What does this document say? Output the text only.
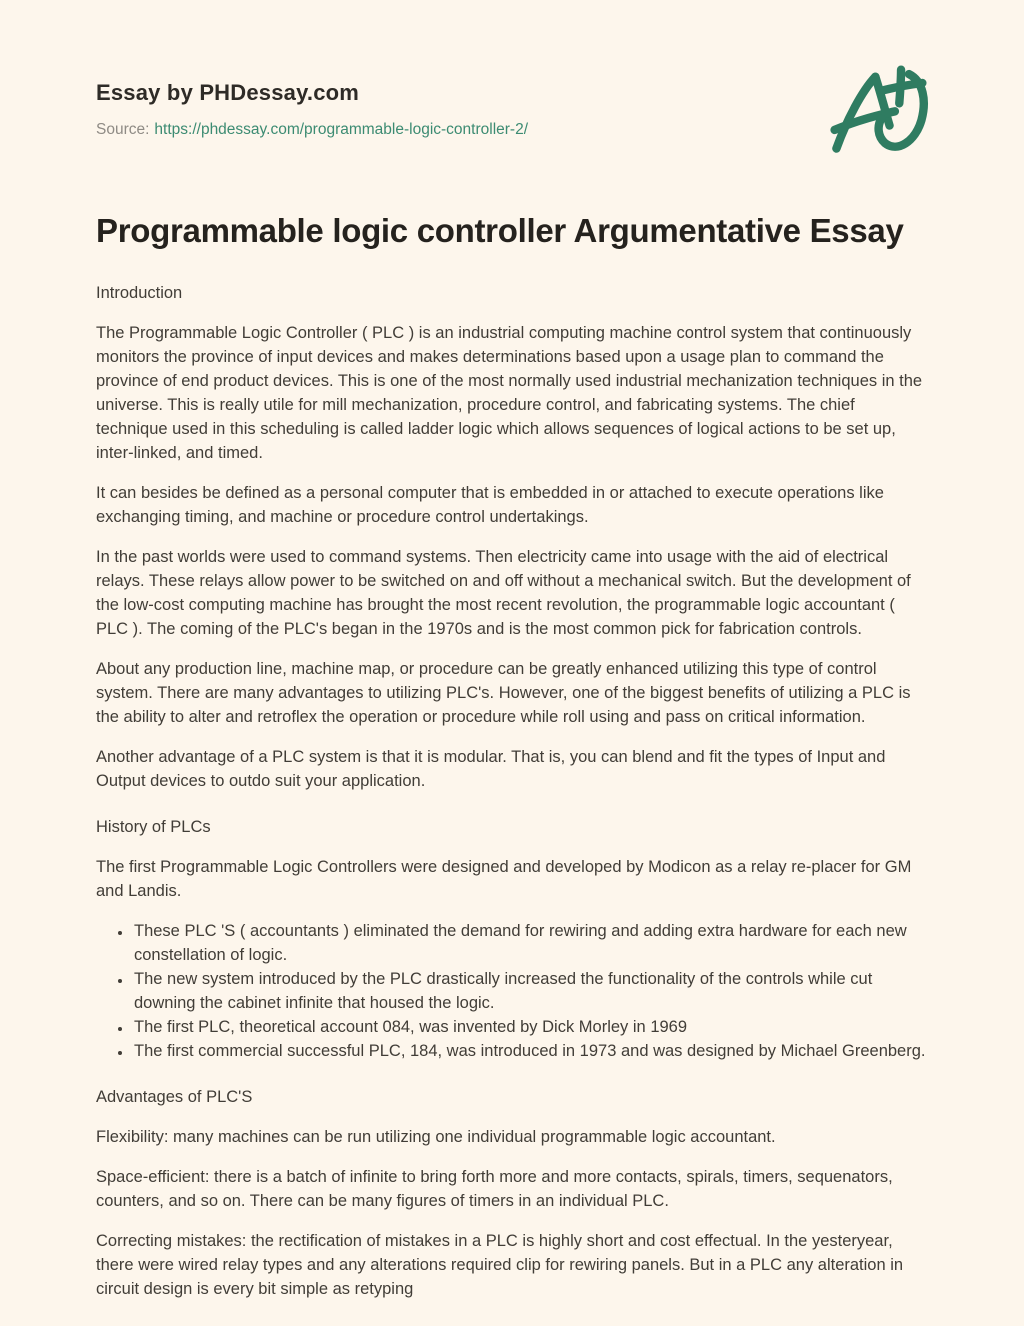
Essay by PHDessay.com
Source: https://phdessay.com/programmable-logic-controller-2/
Programmable logic controller Argumentative Essay

Introduction

The Programmable Logic Controller ( PLC ) is an industrial computing machine control system that continuously monitors the province of input devices and makes determinations based upon a usage plan to command the province of end product devices. This is one of the most normally used industrial mechanization techniques in the universe. This is really utile for mill mechanization, procedure control, and fabricating systems. The chief technique used in this scheduling is called ladder logic which allows sequences of logical actions to be set up, inter-linked, and timed.

It can besides be defined as a personal computer that is embedded in or attached to execute operations like exchanging timing, and machine or procedure control undertakings.

In the past worlds were used to command systems. Then electricity came into usage with the aid of electrical relays. These relays allow power to be switched on and off without a mechanical switch. But the development of the low-cost computing machine has brought the most recent revolution, the programmable logic accountant ( PLC ). The coming of the PLC's began in the 1970s and is the most common pick for fabrication controls.

About any production line, machine map, or procedure can be greatly enhanced utilizing this type of control system. There are many advantages to utilizing PLC's. However, one of the biggest benefits of utilizing a PLC is the ability to alter and retroflex the operation or procedure while roll using and pass on critical information.

Another advantage of a PLC system is that it is modular. That is, you can blend and fit the types of Input and Output devices to outdo suit your application.

History of PLCs

The first Programmable Logic Controllers were designed and developed by Modicon as a relay re-placer for GM and Landis.

• These PLC 'S ( accountants ) eliminated the demand for rewiring and adding extra hardware for each new constellation of logic.
• The new system introduced by the PLC drastically increased the functionality of the controls while cut downing the cabinet infinite that housed the logic.
• The first PLC, theoretical account 084, was invented by Dick Morley in 1969
• The first commercial successful PLC, 184, was introduced in 1973 and was designed by Michael Greenberg.

Advantages of PLC'S

Flexibility: many machines can be run utilizing one individual programmable logic accountant.

Space-efficient: there is a batch of infinite to bring forth more and more contacts, spirals, timers, sequenators, counters, and so on. There can be many figures of timers in an individual PLC.

Correcting mistakes: the rectification of mistakes in a PLC is highly short and cost effectual. In the yesteryear, there were wired relay types and any alterations required clip for rewiring panels. But in a PLC any alteration in circuit design is every bit simple as retyping
